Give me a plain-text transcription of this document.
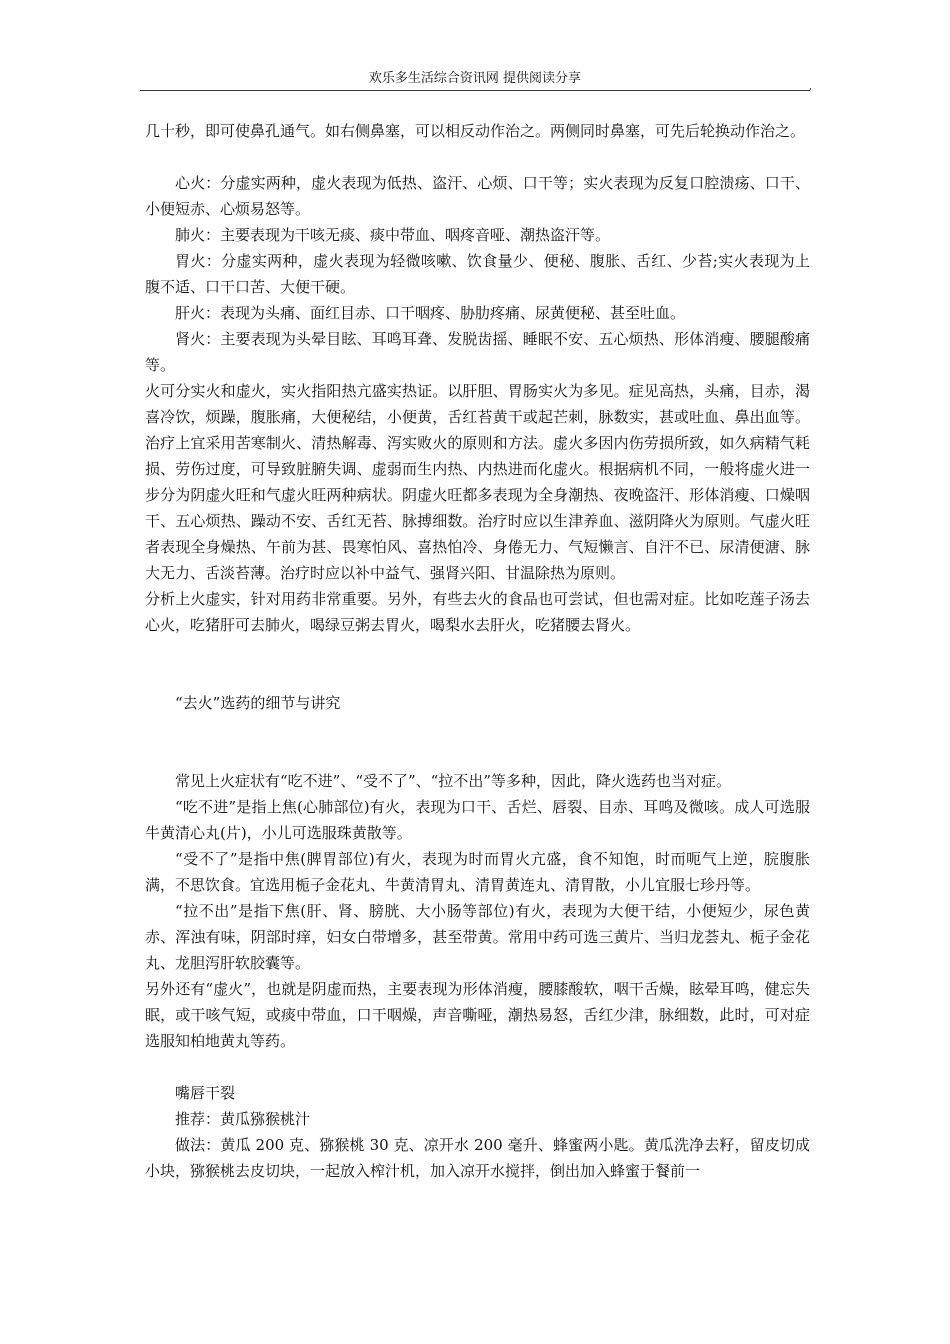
欢乐多生活综合资讯网 提供阅读分享
,

几十秒，即可使鼻孔通气。如右侧鼻塞，可以相反动作治之。两侧同时鼻塞，可先后轮换动作治之。

心火：分虚实两种，虚火表现为低热、盗汗、心烦、口干等；实火表现为反复口腔溃疡、口干、小便短赤、心烦易怒等。

肺火：主要表现为干咳无痰、痰中带血、咽疼音哑、潮热盗汗等。

胃火：分虚实两种，虚火表现为轻微咳嗽、饮食量少、便秘、腹胀、舌红、少苔;实火表现为上腹不适、口干口苦、大便干硬。

肝火：表现为头痛、面红目赤、口干咽疼、胁肋疼痛、尿黄便秘、甚至吐血。

肾火：主要表现为头晕目眩、耳鸣耳聋、发脱齿摇、睡眠不安、五心烦热、形体消瘦、腰腿酸痛等。

火可分实火和虚火，实火指阳热亢盛实热证。以肝胆、胃肠实火为多见。症见高热，头痛，目赤，渴喜冷饮，烦躁，腹胀痛，大便秘结，小便黄，舌红苔黄干或起芒刺，脉数实，甚或吐血、鼻出血等。治疗上宜采用苦寒制火、清热解毒、泻实败火的原则和方法。虚火多因内伤劳损所致，如久病精气耗损、劳伤过度，可导致脏腑失调、虚弱而生内热、内热进而化虚火。根据病机不同，一般将虚火进一步分为阴虚火旺和气虚火旺两种病状。阴虚火旺都多表现为全身潮热、夜晚盗汗、形体消瘦、口燥咽干、五心烦热、躁动不安、舌红无苔、脉搏细数。治疗时应以生津养血、滋阴降火为原则。气虚火旺者表现全身燥热、午前为甚、畏寒怕风、喜热怕冷、身倦无力、气短懒言、自汗不已、尿清便溏、脉大无力、舌淡苔薄。治疗时应以补中益气、强肾兴阳、甘温除热为原则。

分析上火虚实，针对用药非常重要。另外，有些去火的食品也可尝试，但也需对症。比如吃莲子汤去心火，吃猪肝可去肺火，喝绿豆粥去胃火，喝梨水去肝火，吃猪腰去肾火。

“去火”选药的细节与讲究

常见上火症状有“吃不进”、“受不了”、“拉不出”等多种，因此，降火选药也当对症。

“吃不进”是指上焦(心肺部位)有火，表现为口干、舌烂、唇裂、目赤、耳鸣及微咳。成人可选服牛黄清心丸(片)，小儿可选服珠黄散等。

“受不了”是指中焦(脾胃部位)有火，表现为时而胃火亢盛，食不知饱，时而呃气上逆，脘腹胀满，不思饮食。宜选用栀子金花丸、牛黄清胃丸、清胃黄连丸、清胃散，小儿宜服七珍丹等。

“拉不出”是指下焦(肝、肾、膀胱、大小肠等部位)有火，表现为大便干结，小便短少，尿色黄赤、浑浊有味，阴部时痒，妇女白带增多，甚至带黄。常用中药可选三黄片、当归龙荟丸、栀子金花丸、龙胆泻肝软胶囊等。

另外还有“虚火”，也就是阴虚而热，主要表现为形体消瘦，腰膝酸软，咽干舌燥，眩晕耳鸣，健忘失眠，或干咳气短，或痰中带血，口干咽燥，声音嘶哑，潮热易怒，舌红少津，脉细数，此时，可对症选服知柏地黄丸等药。

嘴唇干裂

推荐：黄瓜猕猴桃汁

做法：黄瓜 200 克、猕猴桃 30 克、凉开水 200 毫升、蜂蜜两小匙。黄瓜洗净去籽，留皮切成小块，猕猴桃去皮切块，一起放入榨汁机，加入凉开水搅拌，倒出加入蜂蜜于餐前一
